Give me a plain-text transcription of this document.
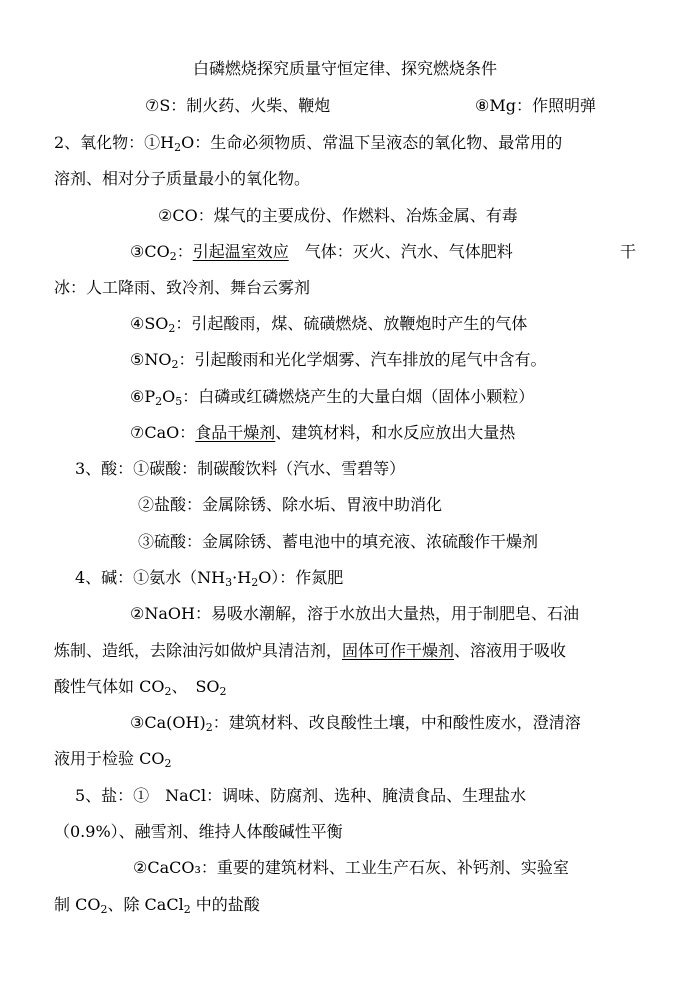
白磷燃烧探究质量守恒定律、探究燃烧条件
⑦S：制火药、火柴、鞭炮	⑧Mg：作照明弹
2、氧化物：$①H_2O$：生命必须物质、常温下呈液态的氧化物、最常用的
溶剂、相对分子质量最小的氧化物。
②CO：煤气的主要成份、作燃料、冶炼金属、有毒
$③CO_2$：引起温室效应　气体：灭火、汽水、气体肥料	干
冰：人工降雨、致冷剂、舞台云雾剂
$④SO_2$：引起酸雨，煤、硫磺燃烧、放鞭炮时产生的气体
$⑤NO_2$：引起酸雨和光化学烟雾、汽车排放的尾气中含有。
$⑥P_2O_5$：白磷或红磷燃烧产生的大量白烟（固体小颗粒）
⑦CaO：食品干燥剂、建筑材料，和水反应放出大量热
3、酸：①碳酸：制碳酸饮料（汽水、雪碧等）
②盐酸：金属除锈、除水垢、胃液中助消化
③硫酸：金属除锈、蓄电池中的填充液、浓硫酸作干燥剂
4、碱：①氨水$(NH_3\cdot H_2O)$：作氮肥
②NaOH：易吸水潮解，溶于水放出大量热，用于制肥皂、石油
炼制、造纸，去除油污如做炉具清洁剂，固体可作干燥剂、溶液用于吸收
酸性气体如 $CO_2$、　$SO_2$
$③Ca(OH)_2$：建筑材料、改良酸性土壤，中和酸性废水，澄清溶
液用于检验 $CO_2$
5、盐：①　NaCl：调味、防腐剂、选种、腌渍食品、生理盐水
（0.9%）、融雪剂、维持人体酸碱性平衡
②CaCO₃：重要的建筑材料、工业生产石灰、补钙剂、实验室
制 $CO_2$、除 CaCl$_2$ 中的盐酸
